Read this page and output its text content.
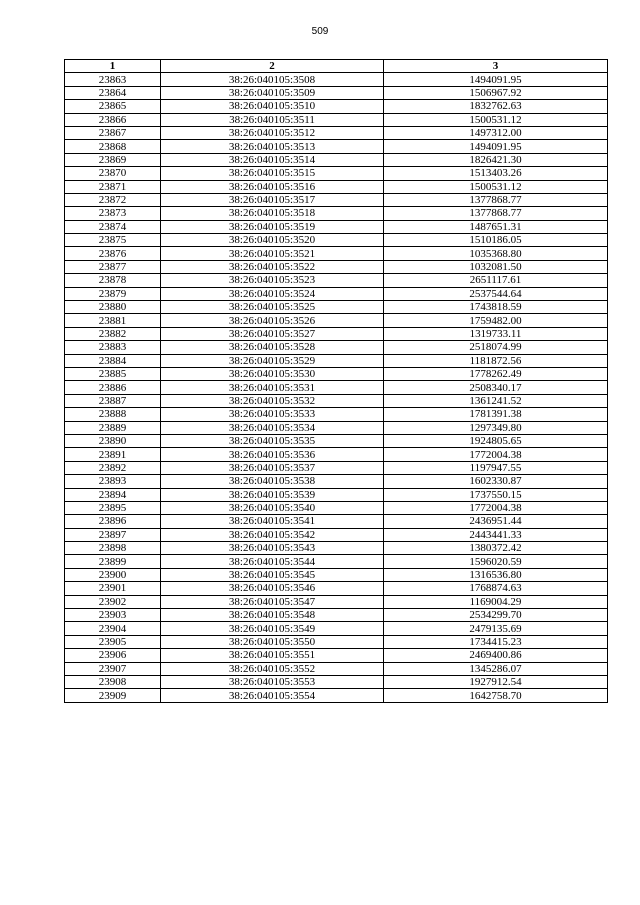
509
1	2	3
23863	38:26:040105:3508	1494091.95
23864	38:26:040105:3509	1506967.92
23865	38:26:040105:3510	1832762.63
23866	38:26:040105:3511	1500531.12
23867	38:26:040105:3512	1497312.00
23868	38:26:040105:3513	1494091.95
23869	38:26:040105:3514	1826421.30
23870	38:26:040105:3515	1513403.26
23871	38:26:040105:3516	1500531.12
23872	38:26:040105:3517	1377868.77
23873	38:26:040105:3518	1377868.77
23874	38:26:040105:3519	1487651.31
23875	38:26:040105:3520	1510186.05
23876	38:26:040105:3521	1035368.80
23877	38:26:040105:3522	1032081.50
23878	38:26:040105:3523	2651117.61
23879	38:26:040105:3524	2537544.64
23880	38:26:040105:3525	1743818.59
23881	38:26:040105:3526	1759482.00
23882	38:26:040105:3527	1319733.11
23883	38:26:040105:3528	2518074.99
23884	38:26:040105:3529	1181872.56
23885	38:26:040105:3530	1778262.49
23886	38:26:040105:3531	2508340.17
23887	38:26:040105:3532	1361241.52
23888	38:26:040105:3533	1781391.38
23889	38:26:040105:3534	1297349.80
23890	38:26:040105:3535	1924805.65
23891	38:26:040105:3536	1772004.38
23892	38:26:040105:3537	1197947.55
23893	38:26:040105:3538	1602330.87
23894	38:26:040105:3539	1737550.15
23895	38:26:040105:3540	1772004.38
23896	38:26:040105:3541	2436951.44
23897	38:26:040105:3542	2443441.33
23898	38:26:040105:3543	1380372.42
23899	38:26:040105:3544	1596020.59
23900	38:26:040105:3545	1316536.80
23901	38:26:040105:3546	1768874.63
23902	38:26:040105:3547	1169004.29
23903	38:26:040105:3548	2534299.70
23904	38:26:040105:3549	2479135.69
23905	38:26:040105:3550	1734415.23
23906	38:26:040105:3551	2469400.86
23907	38:26:040105:3552	1345286.07
23908	38:26:040105:3553	1927912.54
23909	38:26:040105:3554	1642758.70
